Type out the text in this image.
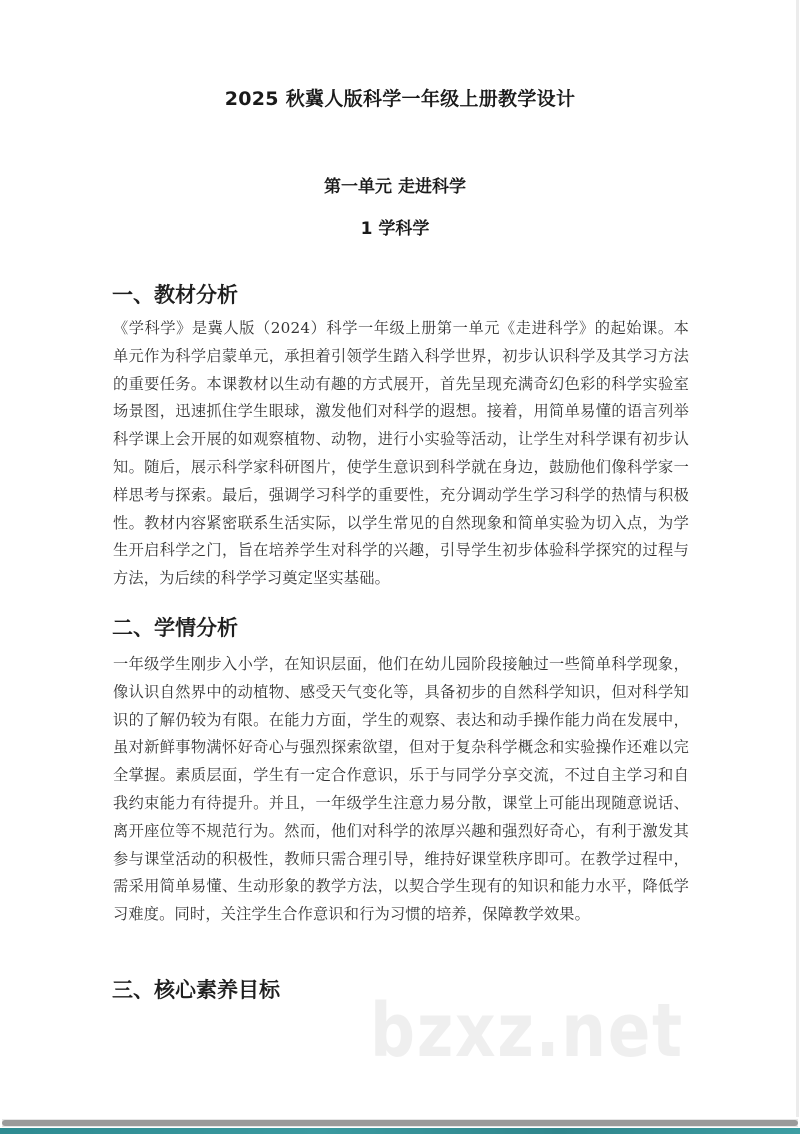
2025 秋冀人版科学一年级上册教学设计
第一单元 走进科学
1 学科学
一、教材分析

《学科学》是冀人版（2024）科学一年级上册第一单元《走进科学》的起始课。本单元作为科学启蒙单元，承担着引领学生踏入科学世界，初步认识科学及其学习方法的重要任务。本课教材以生动有趣的方式展开，首先呈现充满奇幻色彩的科学实验室场景图，迅速抓住学生眼球，激发他们对科学的遐想。接着，用简单易懂的语言列举科学课上会开展的如观察植物、动物，进行小实验等活动，让学生对科学课有初步认知。随后，展示科学家科研图片，使学生意识到科学就在身边，鼓励他们像科学家一样思考与探索。最后，强调学习科学的重要性，充分调动学生学习科学的热情与积极性。教材内容紧密联系生活实际，以学生常见的自然现象和简单实验为切入点，为学生开启科学之门，旨在培养学生对科学的兴趣，引导学生初步体验科学探究的过程与方法，为后续的科学学习奠定坚实基础。

二、学情分析

一年级学生刚步入小学，在知识层面，他们在幼儿园阶段接触过一些简单科学现象，像认识自然界中的动植物、感受天气变化等，具备初步的自然科学知识，但对科学知识的了解仍较为有限。在能力方面，学生的观察、表达和动手操作能力尚在发展中，虽对新鲜事物满怀好奇心与强烈探索欲望，但对于复杂科学概念和实验操作还难以完全掌握。素质层面，学生有一定合作意识，乐于与同学分享交流，不过自主学习和自我约束能力有待提升。并且，一年级学生注意力易分散，课堂上可能出现随意说话、离开座位等不规范行为。然而，他们对科学的浓厚兴趣和强烈好奇心，有利于激发其参与课堂活动的积极性，教师只需合理引导，维持好课堂秩序即可。在教学过程中，需采用简单易懂、生动形象的教学方法，以契合学生现有的知识和能力水平，降低学习难度。同时，关注学生合作意识和行为习惯的培养，保障教学效果。

三、核心素养目标 bzxz.net
